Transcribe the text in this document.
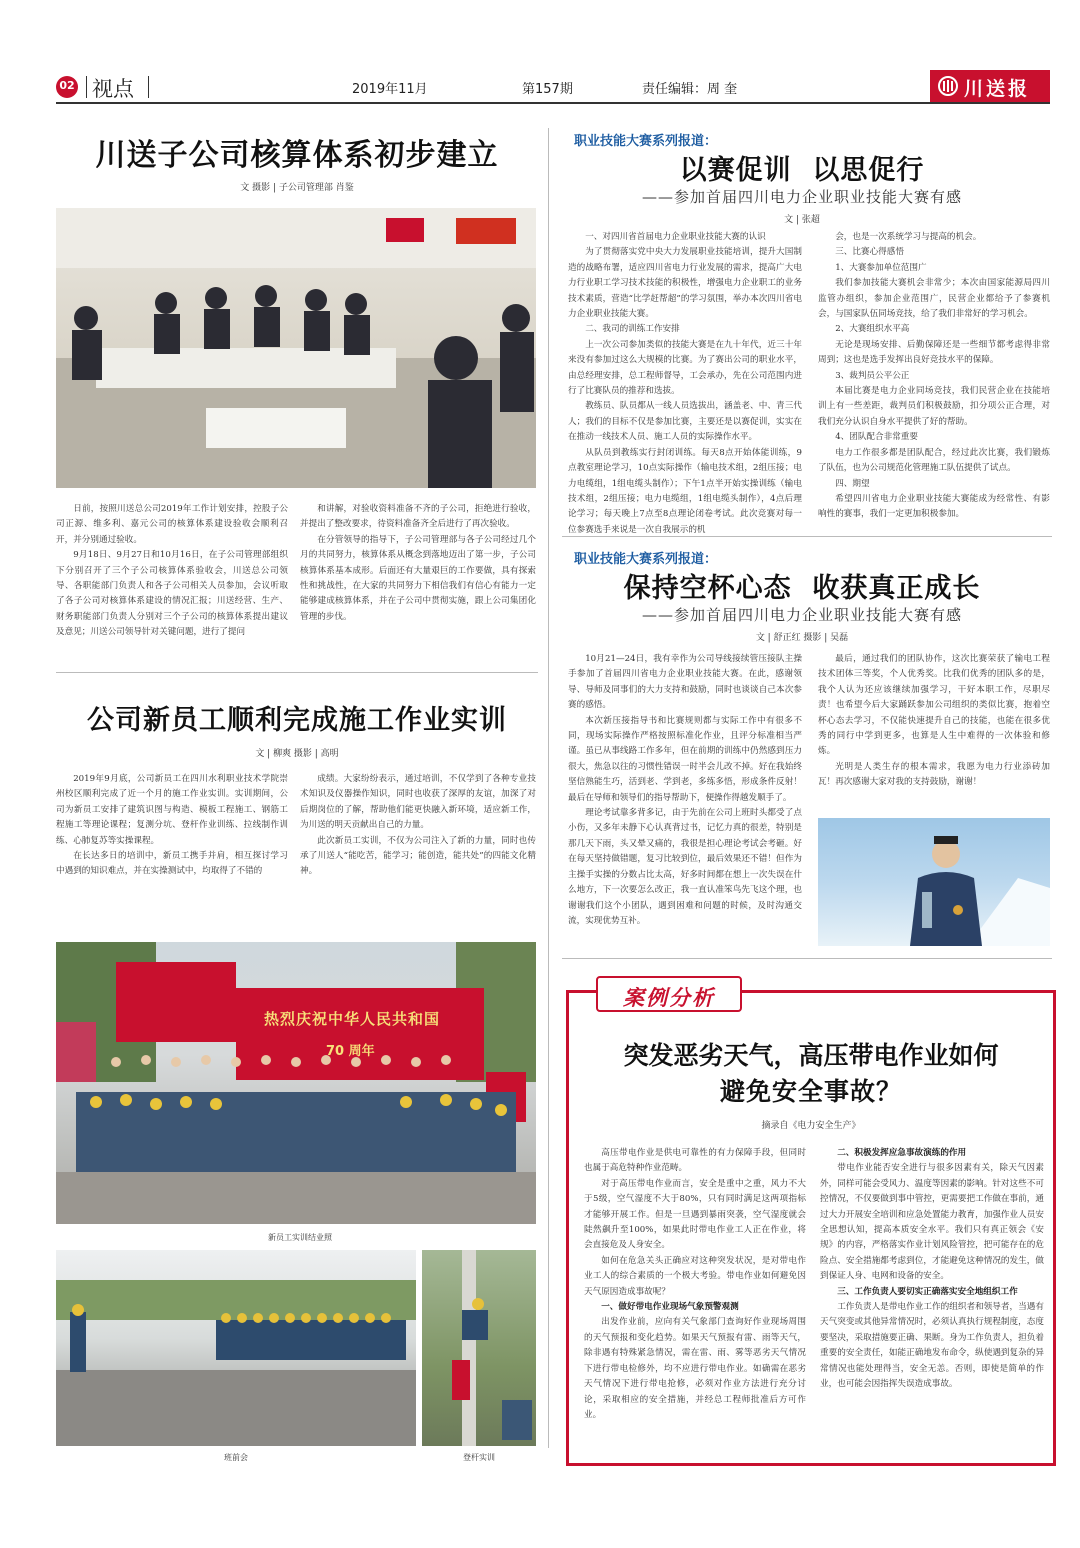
02 视点	2019年11月	第157期	责任编辑：周 奎	川送报
川送子公司核算体系初步建立
文 摄影 | 子公司管理部 肖鉴

日前，按照川送总公司2019年工作计划安排，控股子公司正源、维多利、嘉元公司的核算体系建设验收会顺利召开，并分别通过验收。

9月18日、9月27日和10月16日，在子公司管理部组织下分别召开了三个子公司核算体系验收会，川送总公司领导、各职能部门负责人和各子公司相关人员参加，会议听取了各子公司对核算体系建设的情况汇报；川送经营、生产、财务职能部门负责人分别对三个子公司的核算体系提出建议及意见；川送公司领导针对关键问题，进行了提问

和讲解，对验收资料准备不齐的子公司，拒绝进行验收，并提出了整改要求，待资料准备齐全后进行了再次验收。

在分管领导的指导下，子公司管理部与各子公司经过几个月的共同努力，核算体系从概念到落地迈出了第一步，子公司核算体系基本成形。后面还有大量艰巨的工作要做，具有探索性和挑战性，在大家的共同努力下相信我们有信心有能力一定能够建成核算体系，并在子公司中贯彻实施，跟上公司集团化管理的步伐。

公司新员工顺利完成施工作业实训
文 | 柳爽 摄影 | 高明

2019年9月底，公司新员工在四川水利职业技术学院崇州校区顺利完成了近一个月的施工作业实训。实训期间，公司为新员工安排了建筑识图与构造、模板工程施工、钢筋工程施工等理论课程；复测分坑、登杆作业训练、拉线制作训练、心肺复苏等实操课程。

在长达多日的培训中，新员工携手并肩，相互探讨学习中遇到的知识难点，并在实操测试中，均取得了不错的

成绩。大家纷纷表示，通过培训，不仅学到了各种专业技术知识及仪器操作知识，同时也收获了深厚的友谊，加深了对后期岗位的了解，帮助他们能更快融入新环境，适应新工作，为川送的明天贡献出自己的力量。

此次新员工实训，不仅为公司注入了新的力量，同时也传承了川送人“能吃苦，能学习；能创造，能共处”的四能文化精神。

热烈庆祝中华人民共和国
70 周年
新员工实训结业照
班前会	登杆实训
职业技能大赛系列报道：
以赛促训  以思促行
——参加首届四川电力企业职业技能大赛有感
文 | 张超

一、对四川省首届电力企业职业技能大赛的认识

为了贯彻落实党中央大力发展职业技能培训，提升大国制造的战略布署，适应四川省电力行业发展的需求，提高广大电力行业职工学习技术技能的积极性，增强电力企业职工的业务技术素质，营造“比学赶帮超”的学习氛围，举办本次四川省电力企业职业技能大赛。

二、我司的训练工作安排

上一次公司参加类似的技能大赛是在九十年代，近三十年来没有参加过这么大规模的比赛。为了赛出公司的职业水平，由总经理安排，总工程师督导，工会承办，先在公司范围内进行了比赛队员的推荐和选拔。

教练员、队员都从一线人员选拔出，涵盖老、中、青三代人；我们的目标不仅是参加比赛，主要还是以赛促训，实实在在推动一线技术人员、施工人员的实际操作水平。

从队员到教练实行封闭训练。每天8点开始体能训练，9点教室理论学习，10点实际操作（输电技术组，2组压接；电力电缆组，1组电缆头制作）；下午1点半开始实操训练（输电技术组，2组压接；电力电缆组，1组电缆头制作），4点后理论学习；每天晚上7点至8点理论闭卷考试。此次竞赛对每一位参赛选手来说是一次自我展示的机

会，也是一次系统学习与提高的机会。

三、比赛心得感悟

1、大赛参加单位范围广

我们参加技能大赛机会非常少；本次由国家能源局四川监管办组织，参加企业范围广，民营企业都给予了参赛机会，与国家队伍同场竞技，给了我们非常好的学习机会。

2、大赛组织水平高

无论是现场安排、后勤保障还是一些细节都考虑得非常周到；这也是选手发挥出良好竞技水平的保障。

3、裁判员公平公正

本届比赛是电力企业同场竞技，我们民营企业在技能培训上有一些差距，裁判员们积极鼓励，扣分项公正合理，对我们充分认识自身水平提供了好的帮助。

4、团队配合非常重要

电力工作很多都是团队配合，经过此次比赛，我们锻炼了队伍，也为公司规范化管理施工队伍提供了试点。

四、期望

希望四川省电力企业职业技能大赛能成为经常性、有影响性的赛事，我们一定更加积极参加。

职业技能大赛系列报道：
保持空杯心态  收获真正成长
——参加首届四川电力企业职业技能大赛有感
文 | 舒正红 摄影 | 吴磊

10月21—24日，我有幸作为公司导线接续管压接队主操手参加了首届四川省电力企业职业技能大赛。在此，感谢领导、导师及同事们的大力支持和鼓励，同时也谈谈自己本次参赛的感悟。

本次新压接指导书和比赛规则都与实际工作中有很多不同，现场实际操作严格按照标准化作业，且评分标准相当严谨。虽已从事线路工作多年，但在前期的训练中仍然感到压力很大，焦急以往的习惯性错误一时半会儿改不掉。好在我始终坚信熟能生巧，活到老、学到老，多练多悟，形成条件反射！最后在导师和领导们的指导帮助下，便操作得越发顺手了。

理论考试靠多背多记，由于先前在公司上班时头都受了点小伤，又多年未静下心认真背过书，记忆力真的很差，特别是那几天下雨，头又晕又痛的，我很是担心理论考试会考砸。好在每天坚持做错题，复习比较到位，最后效果还不错！但作为主操手实操的分数占比太高，好多时间都在想上一次失误在什么地方，下一次要怎么改正，我一直认准笨鸟先飞这个理，也谢谢我们这个小团队，遇到困难和问题的时候，及时沟通交流，实现优势互补。

最后，通过我们的团队协作，这次比赛荣获了输电工程技术团体三等奖，个人优秀奖。比我们优秀的团队多的是，我个人认为还应该继续加强学习，干好本职工作，尽职尽责！也希望今后大家踊跃参加公司组织的类似比赛，抱着空杯心态去学习，不仅能快速提升自己的技能，也能在很多优秀的同行中学到更多，也算是人生中难得的一次体验和修炼。

光明是人类生存的根本需求，我愿为电力行业添砖加瓦！再次感谢大家对我的支持鼓励，谢谢！

案例分析
突发恶劣天气，高压带电作业如何
避免安全事故？
摘录自《电力安全生产》

高压带电作业是供电可靠性的有力保障手段，但同时也属于高危特种作业范畴。

对于高压带电作业而言，安全是重中之重，风力不大于5级，空气湿度不大于80%，只有同时满足这两项指标才能够开展工作。但是一旦遇到暴雨突袭，空气湿度就会陡然飙升至100%，如果此时带电作业工人正在作业，将会直接危及人身安全。

如何在危急关头正确应对这种突发状况，是对带电作业工人的综合素质的一个极大考验。带电作业如何避免因天气原因造成事故呢？

一、做好带电作业现场气象预警观测

出发作业前，应向有关气象部门查询好作业现场周围的天气预报和变化趋势。如果天气预报有雷、雨等天气，除非遇有特殊紧急情况，需在雷、雨、雾等恶劣天气情况下进行带电检修外，均不应进行带电作业。如确需在恶劣天气情况下进行带电抢修，必须对作业方法进行充分讨论，采取相应的安全措施，并经总工程师批准后方可作业。

二、积极发挥应急事故演练的作用

带电作业能否安全进行与很多因素有关，除天气因素外，同样可能会受风力、温度等因素的影响。针对这些不可控情况，不仅要做到事中管控，更需要把工作做在事前，通过大力开展安全培训和应急处置能力教育，加强作业人员安全思想认知，提高本质安全水平。我们只有真正领会《安规》的内容，严格落实作业计划风险管控，把可能存在的危险点、安全措施都考虑到位，才能避免这种情况的发生，做到保证人身、电网和设备的安全。

三、工作负责人要切实正确落实安全地组织工作

工作负责人是带电作业工作的组织者和领导者，当遇有天气突变或其他异常情况时，必须认真执行规程制度，态度要坚决，采取措施要正确、果断。身为工作负责人，担负着重要的安全责任，如能正确地发布命令，纵使遇到复杂的异常情况也能处理得当，安全无恙。否则，即使是简单的作业，也可能会因指挥失误造成事故。
